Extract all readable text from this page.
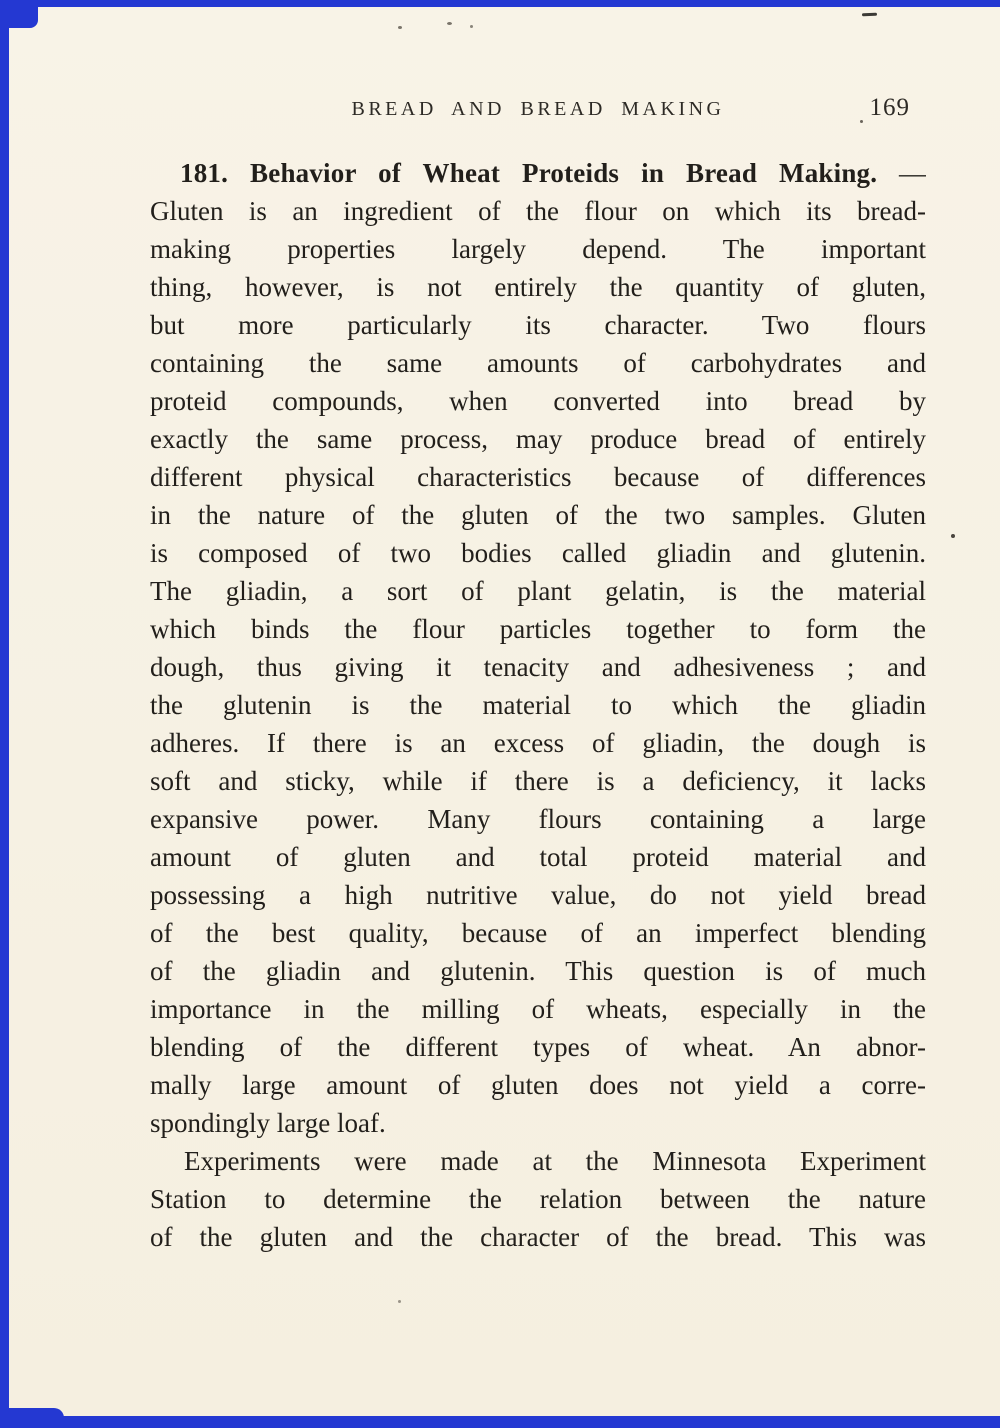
BREAD AND BREAD MAKING	169
181. Behavior of Wheat Proteids in Bread Making. —
Gluten is an ingredient of the flour on which its bread-
making properties largely depend. The important
thing, however, is not entirely the quantity of gluten,
but more particularly its character. Two flours
containing the same amounts of carbohydrates and
proteid compounds, when converted into bread by
exactly the same process, may produce bread of entirely
different physical characteristics because of differences
in the nature of the gluten of the two samples. Gluten
is composed of two bodies called gliadin and glutenin.
The gliadin, a sort of plant gelatin, is the material
which binds the flour particles together to form the
dough, thus giving it tenacity and adhesiveness ; and
the glutenin is the material to which the gliadin
adheres. If there is an excess of gliadin, the dough is
soft and sticky, while if there is a deficiency, it lacks
expansive power. Many flours containing a large
amount of gluten and total proteid material and
possessing a high nutritive value, do not yield bread
of the best quality, because of an imperfect blending
of the gliadin and glutenin. This question is of much
importance in the milling of wheats, especially in the
blending of the different types of wheat. An abnor-
mally large amount of gluten does not yield a corre-
spondingly large loaf.
Experiments were made at the Minnesota Experiment
Station to determine the relation between the nature
of the gluten and the character of the bread. This was
